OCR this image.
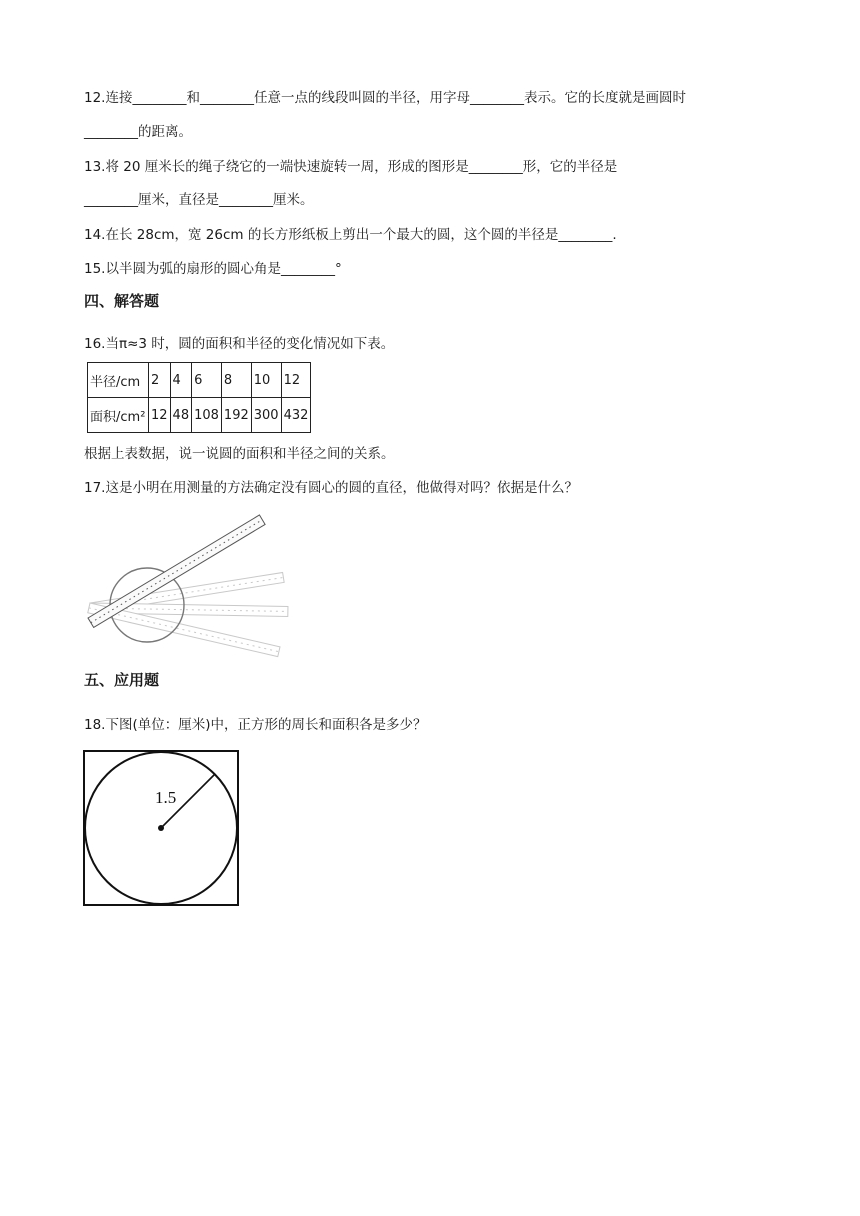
12.连接________和________任意一点的线段叫圆的半径，用字母________表示。它的长度就是画圆时
________的距离。
13.将 20 厘米长的绳子绕它的一端快速旋转一周，形成的图形是________形，它的半径是
________厘米，直径是________厘米。
14.在长 28cm，宽 26cm 的长方形纸板上剪出一个最大的圆，这个圆的半径是________.
15.以半圆为弧的扇形的圆心角是________°
四、解答题
16.当π≈3 时，圆的面积和半径的变化情况如下表。
半径/cm	2	4	6	8	10	12
面积/cm²	12	48	108	192	300	432
根据上表数据，说一说圆的面积和半径之间的关系。
17.这是小明在用测量的方法确定没有圆心的圆的直径，他做得对吗？依据是什么？
五、应用题
18.下图(单位：厘米)中，正方形的周长和面积各是多少？
1.5
